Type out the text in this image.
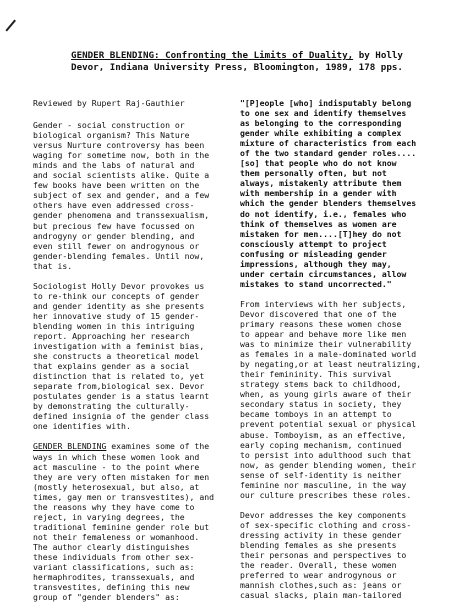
GENDER BLENDING: Confronting the Limits of Duality, by Holly
Devor, Indiana University Press, Bloomington, 1989, 178 pps.

Reviewed by Rupert Raj-Gauthier

Gender - social construction or
biological organism? This Nature
versus Nurture controversy has been
waging for sometime now, both in the
minds and the labs of natural and
and social scientists alike. Quite a
few books have been written on the
subject of sex and gender, and a few
others have even addressed cross-
gender phenomena and transsexualism,
but precious few have focussed on
androgyny or gender blending, and
even still fewer on androgynous or
gender-blending females. Until now,
that is.

Sociologist Holly Devor provokes us
to re-think our concepts of gender
and gender identity as she presents
her innovative study of 15 gender-
blending women in this intriguing
report. Approaching her research
investigation with a feminist bias,
she constructs a theoretical model
that explains gender as a social
distinction that is related to, yet
separate from,biological sex. Devor
postulates gender is a status learnt
by demonstrating the culturally-
defined insignia of the gender class
one identifies with.

GENDER BLENDING examines some of the
ways in which these women look and
act masculine - to the point where
they are very often mistaken for men
(mostly heterosexual, but also, at
times, gay men or transvestites), and
the reasons why they have come to
reject, in varying degrees, the
traditional feminine gender role but
not their femaleness or womanhood.
The author clearly distinguishes
these individuals from other sex-
variant classifications, such as:
hermaphrodites, transsexuals, and
transvestites, defining this new
group of "gender blenders" as:

"[P]eople [who] indisputably belong
to one sex and identify themselves
as belonging to the corresponding
gender while exhibiting a complex
mixture of characteristics from each
of the two standard gender roles....
[so] that people who do not know
them personally often, but not
always, mistakenly attribute them
with membership in a gender with
which the gender blenders themselves
do not identify, i.e., females who
think of themselves as women are
mistaken for men....[T]hey do not
consciously attempt to project
confusing or misleading gender
impressions, although they may,
under certain circumstances, allow
mistakes to stand uncorrected."

From interviews with her subjects,
Devor discovered that one of the
primary reasons these women chose
to appear and behave more like men
was to minimize their vulnerability
as females in a male-dominated world
by negating,or at least neutralizing,
their femininity. This survival
strategy stems back to childhood,
when, as young girls aware of their
secondary status in society, they
became tomboys in an attempt to
prevent potential sexual or physical
abuse. Tomboyism, as an effective,
early coping mechanism, continued
to persist into adulthood such that
now, as gender blending women, their
sense of self-identity is neither
feminine nor masculine, in the way
our culture prescribes these roles.

Devor addresses the key components
of sex-specific clothing and cross-
dressing activity in these gender
blending females as she presents
their personas and perspectives to
the reader. Overall, these women
preferred to wear androgynous or
mannish clothes,such as: jeans or
casual slacks, plain man-tailored
